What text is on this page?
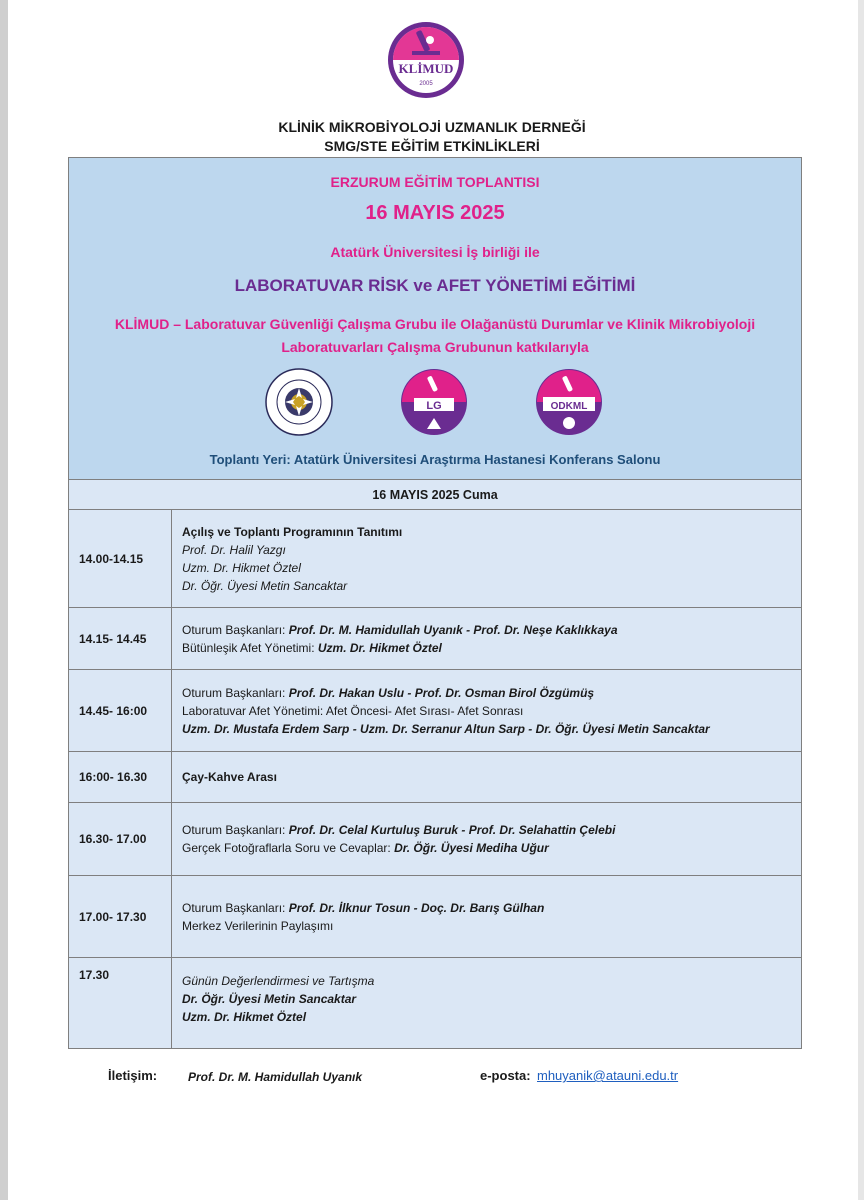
KLİMUD
2005
KLİNİK MİKROBİYOLOJİ UZMANLIK DERNEĞİ
SMG/STE EĞİTİM ETKİNLİKLERİ
ERZURUM EĞİTİM TOPLANTISI
16 MAYIS 2025
Atatürk Üniversitesi İş birliği ile
LABORATUVAR RİSK ve AFET YÖNETİMİ EĞİTİMİ
KLİMUD – Laboratuvar Güvenliği Çalışma Grubu ile Olağanüstü Durumlar ve Klinik Mikrobiyoloji
Laboratuvarları Çalışma Grubunun katkılarıyla
LG	ODKML
Toplantı Yeri: Atatürk Üniversitesi Araştırma Hastanesi Konferans Salonu
16 MAYIS 2025 Cuma	
14.00-14.15	Açılış ve Toplantı Programının Tanıtımı
Prof. Dr. Halil Yazgı
Uzm. Dr. Hikmet Öztel
Dr. Öğr. Üyesi Metin Sancaktar

14.15- 14.45	Oturum Başkanları: Prof. Dr. M. Hamidullah Uyanık - Prof. Dr. Neşe Kaklıkkaya
Bütünleşik Afet Yönetimi: Uzm. Dr. Hikmet Öztel

14.45- 16:00	Oturum Başkanları: Prof. Dr. Hakan Uslu - Prof. Dr. Osman Birol Özgümüş
Laboratuvar Afet Yönetimi: Afet Öncesi- Afet Sırası- Afet Sonrası
Uzm. Dr. Mustafa Erdem Sarp - Uzm. Dr. Serranur Altun Sarp - Dr. Öğr. Üyesi Metin Sancaktar

16:00- 16.30	Çay-Kahve Arası
16.30- 17.00	Oturum Başkanları: Prof. Dr. Celal Kurtuluş Buruk - Prof. Dr. Selahattin Çelebi
Gerçek Fotoğraflarla Soru ve Cevaplar: Dr. Öğr. Üyesi Mediha Uğur

17.00- 17.30	Oturum Başkanları: Prof. Dr. İlknur Tosun - Doç. Dr. Barış Gülhan
Merkez Verilerinin Paylaşımı

17.30	Günün Değerlendirmesi ve Tartışma
Dr. Öğr. Üyesi Metin Sancaktar
Uzm. Dr. Hikmet Öztel
İletişim:	Prof. Dr. M. Hamidullah Uyanık	e-posta: mhuyanik@atauni.edu.tr
